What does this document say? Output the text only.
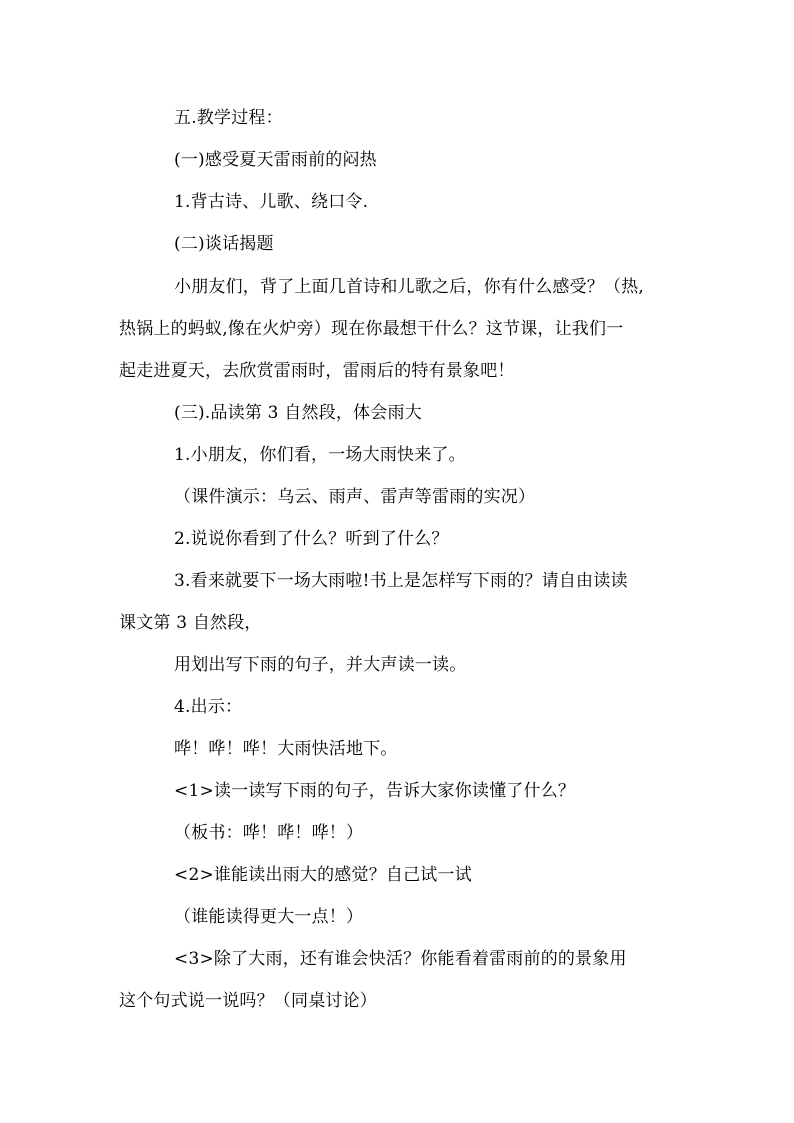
五.教学过程：
(一)感受夏天雷雨前的闷热
1.背古诗、儿歌、绕口令.
(二)谈话揭题
小朋友们，背了上面几首诗和儿歌之后，你有什么感受？（热,
热锅上的蚂蚁,像在火炉旁）现在你最想干什么？这节课，让我们一
起走进夏天，去欣赏雷雨时，雷雨后的特有景象吧！
(三).品读第 3 自然段，体会雨大
1.小朋友，你们看，一场大雨快来了。
（课件演示：乌云、雨声、雷声等雷雨的实况）
2.说说你看到了什么？听到了什么？
3.看来就要下一场大雨啦!书上是怎样写下雨的？请自由读读
课文第 3 自然段，
用划出写下雨的句子，并大声读一读。
4.出示：
哗！哗！哗！大雨快活地下。
<1>读一读写下雨的句子，告诉大家你读懂了什么？
（板书：哗！哗！哗！）
<2>谁能读出雨大的感觉？自己试一试
（谁能读得更大一点！）
<3>除了大雨，还有谁会快活？你能看着雷雨前的的景象用
这个句式说一说吗？（同桌讨论）
